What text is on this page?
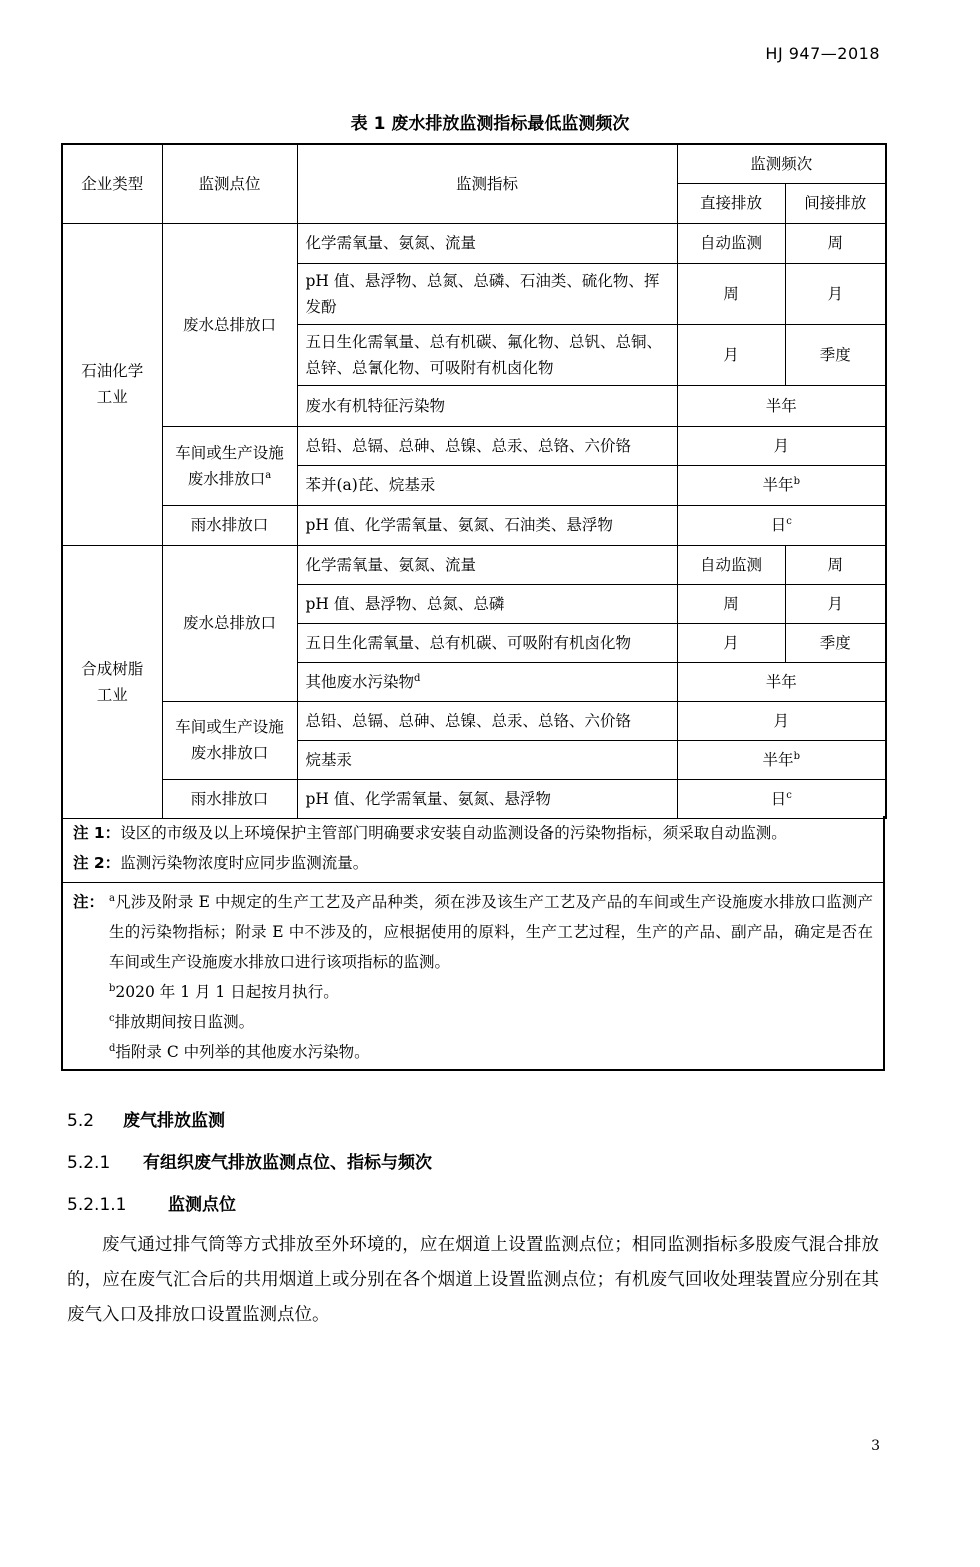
HJ 947—2018
表 1 废水排放监测指标最低监测频次
企业类型	监测点位	监测指标	监测频次	
			直接排放	间接排放
石油化学工业	废水总排放口	化学需氧量、氨氮、流量	自动监测	周
		pH 值、悬浮物、总氮、总磷、石油类、硫化物、挥发酚	周	月
		五日生化需氧量、总有机碳、氟化物、总钒、总铜、总锌、总氰化物、可吸附有机卤化物	月	季度
		废水有机特征污染物	半年	
	车间或生产设施废水排放口$^a$	总铅、总镉、总砷、总镍、总汞、总铬、六价铬	月	
		苯并(a)芘、烷基汞	半年$^b$
	雨水排放口	pH 值、化学需氧量、氨氮、石油类、悬浮物	日$^c$
合成树脂工业	废水总排放口	化学需氧量、氨氮、流量	自动监测	周
		pH 值、悬浮物、总氮、总磷	周	月
		五日生化需氧量、总有机碳、可吸附有机卤化物	月	季度
		其他废水污染物$^d$	半年	
	车间或生产设施废水排放口	总铅、总镉、总砷、总镍、总汞、总铬、六价铬	月	
		烷基汞	半年$^b$
	雨水排放口	pH 值、化学需氧量、氨氮、悬浮物	日$^c$
注 1：设区的市级及以上环境保护主管部门明确要求安装自动监测设备的污染物指标，须采取自动监测。
注 2：监测污染物浓度时应同步监测流量。
注： $^a$凡涉及附录 E 中规定的生产工艺及产品种类，须在涉及该生产工艺及产品的车间或生产设施废水排放口监测产生的污染物指标；附录 E 中不涉及的，应根据使用的原料，生产工艺过程，生产的产品、副产品，确定是否在车间或生产设施废水排放口进行该项指标的监测。
$^b$2020 年 1 月 1 日起按月执行。
$^c$排放期间按日监测。
$^d$指附录 C 中列举的其他废水污染物。
5.2 废气排放监测
5.2.1 有组织废气排放监测点位、指标与频次
5.2.1.1 监测点位
废气通过排气筒等方式排放至外环境的，应在烟道上设置监测点位；相同监测指标多股废气混合排放的，应在废气汇合后的共用烟道上或分别在各个烟道上设置监测点位；有机废气回收处理装置应分别在其废气入口及排放口设置监测点位。
3
